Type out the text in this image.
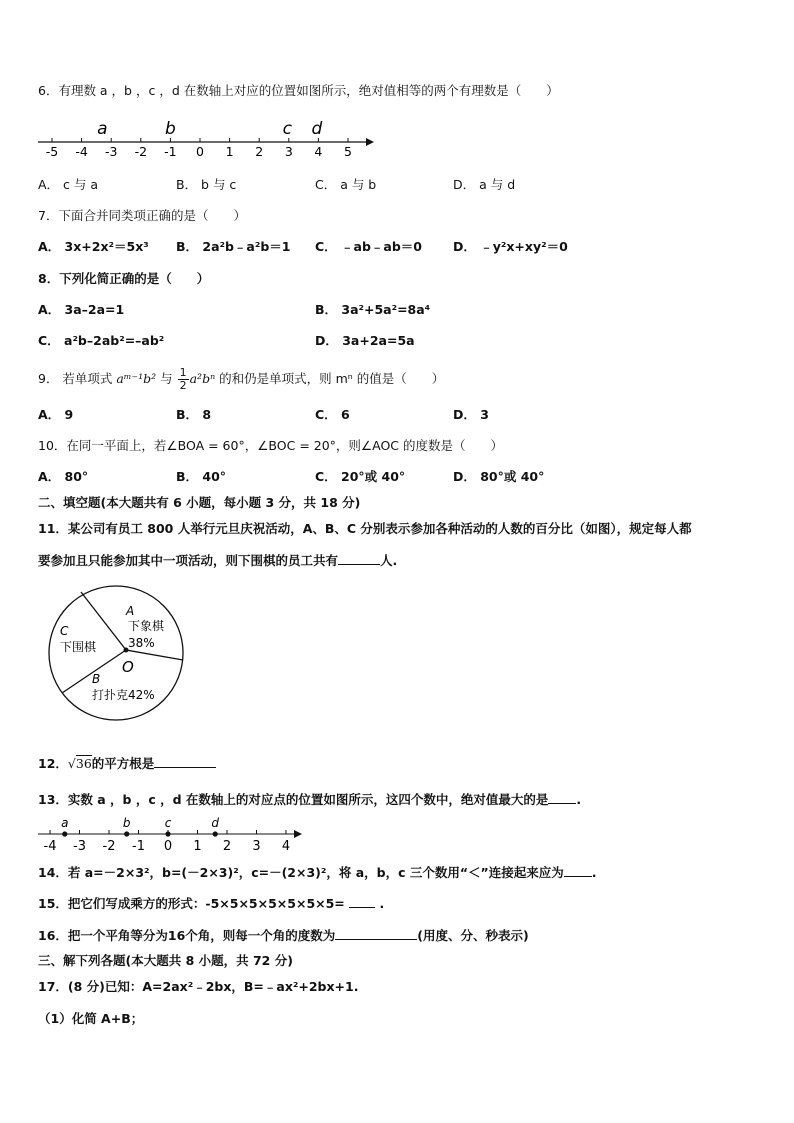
6．有理数 a ，b ，c ，d 在数轴上对应的位置如图所示，绝对值相等的两个有理数是（　　）
-5 -4 -3 -2 -1 0 1 2 3 4 5
a	b	c d
A． c 与 a	B． b 与 c	C． a 与 b	D． a 与 d
7．下面合并同类项正确的是（　　）
A． 3x+2x²＝5x³ B． 2a²b﹣a²b＝1 C． ﹣ab﹣ab＝0 D． ﹣y²x+xy²＝0
8．下列化简正确的是（　　）
A． 3a–2a=1	B． 3a²+5a²=8a⁴
C． a²b–2ab²=–ab²	D． 3a+2a=5a
9． 若单项式 aᵐ⁻¹b² 与 $\frac{1}{2} a^2b^n$ 的和仍是单项式，则 mⁿ 的值是（　　）
A． 9	B． 8	C． 6	D． 3
10．在同一平面上，若∠BOA = 60°，∠BOC = 20°，则∠AOC 的度数是（　　）
A． 80°	B． 40°	C． 20°或 40°	D． 80°或 40°
二、填空题(本大题共有 6 小题，每小题 3 分，共 18 分)
11．某公司有员工 800 人举行元旦庆祝活动，A、B、C 分别表示参加各种活动的人数的百分比（如图），规定每人都
要参加且只能参加其中一项活动，则下围棋的员工共有	人.
A
下象棋
38%
C
下围棋
O
B
打扑克42%
12．√36的平方根是
13．实数 a ，b ，c ，d 在数轴上的对应点的位置如图所示，这四个数中，绝对值最大的是 .
-4 -3 -2 -1 0 1 2 3 4
a	b	c	d
14．若 a=－2×3²，b=(－2×3)²，c=－(2×3)²，将 a，b，c 三个数用“＜”连接起来应为 .
15．把它们写成乘方的形式：-5×5×5×5×5×5×5=  .
16．把一个平角等分为16个角，则每一个角的度数为	(用度、分、秒表示)
三、解下列各题(本大题共 8 小题，共 72 分)
17．(8 分)已知：A=2ax²﹣2bx，B=﹣ax²+2bx+1.
（1）化简 A+B；
